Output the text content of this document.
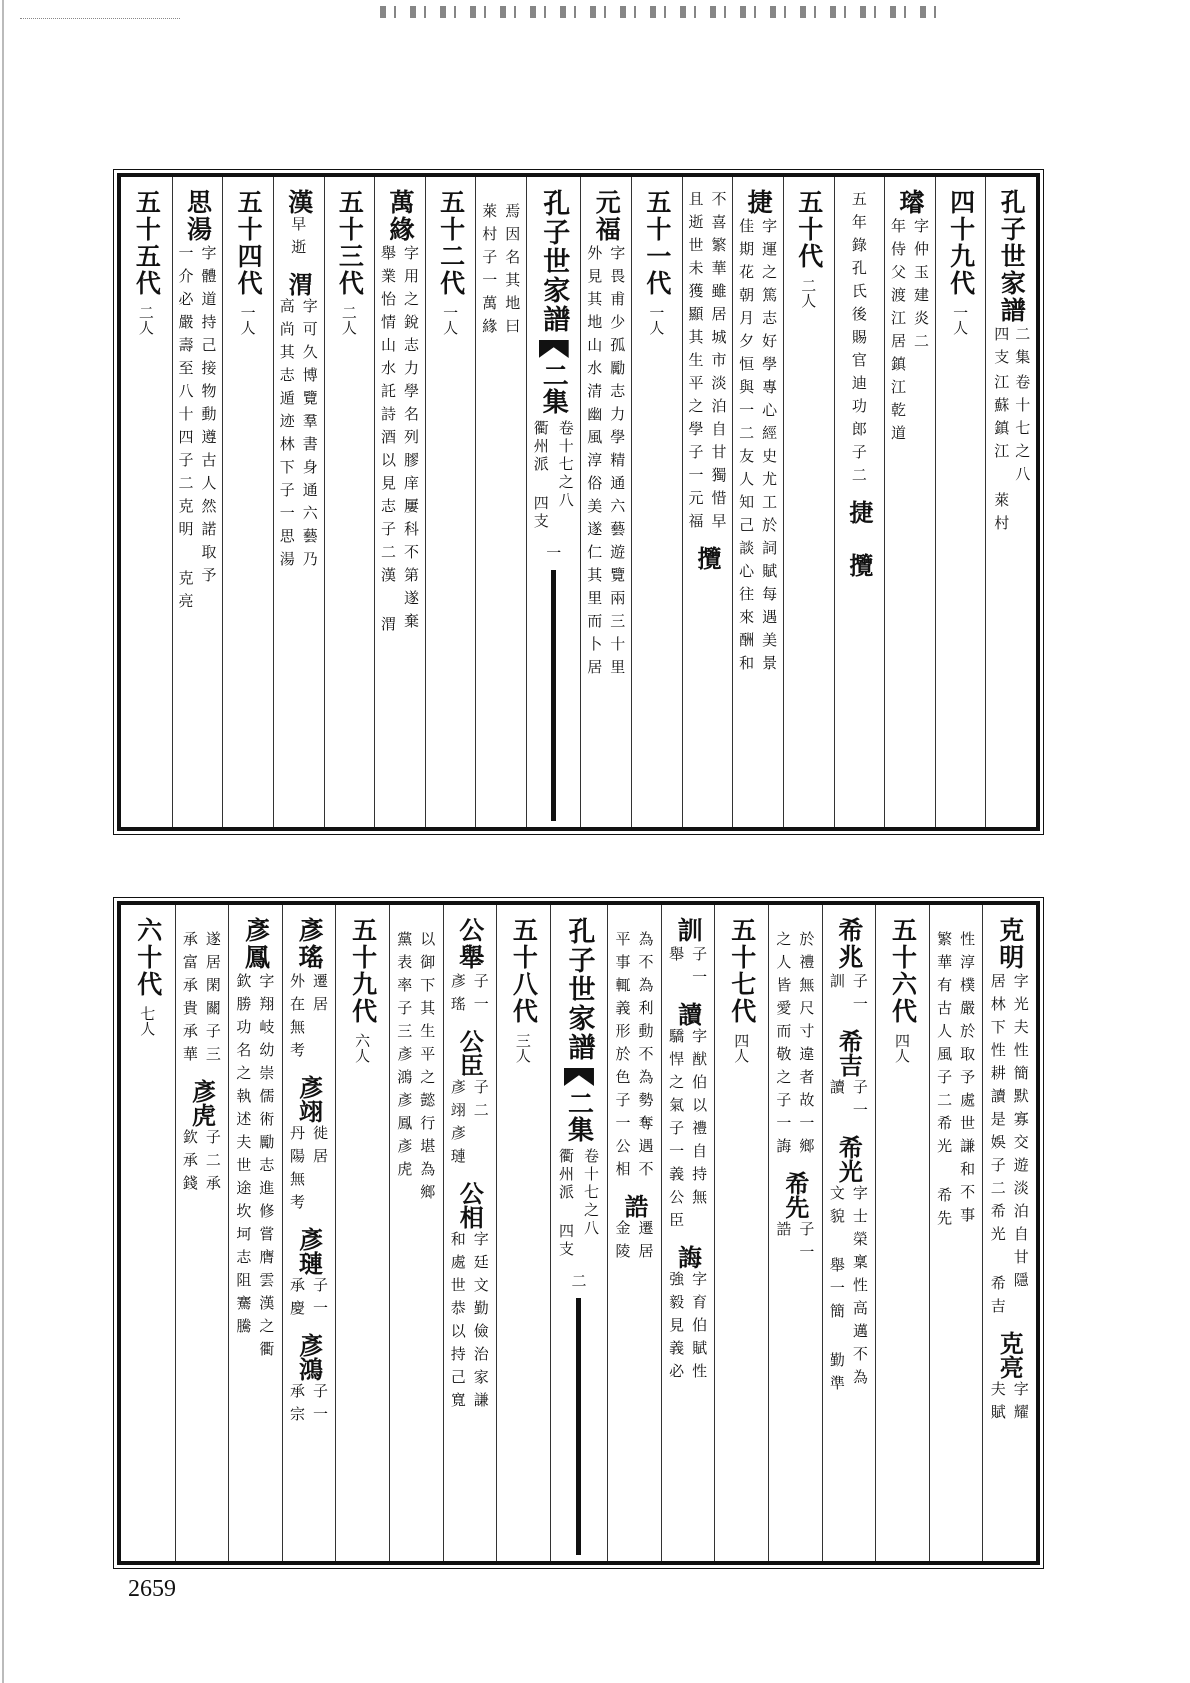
孔子世家譜
二集
四支
卷十七之八
江蘇鎮江 萊村
四十九代
一人
璿
字仲玉建炎二
年侍父渡江居鎮江乾道
五年錄孔氏後賜官迪功郎子二
捷 攬
五十代
二人
捷
字運之篤志好學專心經史尤工於詞賦每遇美景
佳期花朝月夕恒與一二友人知己談心往來酬和
不喜繁華雖居城市淡泊自甘獨惜早
且逝世未獲顯其生平之學子一元福
攬
五十一代
一人
元福
字畏甫少孤勵志力學精通六藝遊覽兩三十里
外見其地山水清幽風淳俗美遂仁其里而卜居
孔子世家譜
二集
卷十七之八
衢州派 四支
一
焉因名其地曰
萊村子一萬緣
五十二代
一人
萬緣
字用之銳志力學名列膠庠屢科不第遂棄
舉業怡情山水託詩酒以見志子二漢 渭
五十三代
二人
漢
早逝
渭
字可久博覽羣書身通六藝乃
高尚其志遁迹林下子一思湯
五十四代
一人
思湯
字體道持己接物動遵古人然諾取予
一介必嚴壽至八十四子二克明 克亮
五十五代
二人
克明
字光夫性簡默寡交遊淡泊自甘隱
居林下性耕讀是娛子二希光 希吉
克亮
字耀
夫賦
性淳樸嚴於取予處世謙和不事
繁華有古人風子二希光 希先
五十六代
四人
希兆
子一
訓
希吉
子一
讀
希光
字士榮稟性高邁不為
文貌 舉一簡 勤準
於禮無尺寸違者故一鄉
之人皆愛而敬之子一誨
希先
子一
誥
五十七代
四人
訓
子一
舉
讀
字猷伯以禮自持無
驕悍之氣子一義公臣
誨
字育伯賦性
強毅見義必
為不為利動不為勢奪遇不
平事輒義形於色子一公相
誥
遷居
金陵
孔子世家譜
二集
卷十七之八
衢州派 四支
二
五十八代
三人
公舉
子一
彥瑤
公臣
子二
彥翊彥璉
公相
字廷文勤儉治家謙
和處世恭以持己寬
以御下其生平之懿行堪為鄉
黨表率子三彥鴻彥鳳彥虎
五十九代
六人
彥瑤
遷居
外在無考
彥翊
徙居
丹陽無考
彥璉
子一
承慶
彥鴻
子一
承宗
彥鳳
字翔岐幼崇儒術勵志進修嘗膺雲漢之衢
欽勝功名之執述夫世途坎坷志阻騫騰
遂居閑關子三
承富承貴承華
彥虎
子二承
欽承錢
六十代
七人
2659
